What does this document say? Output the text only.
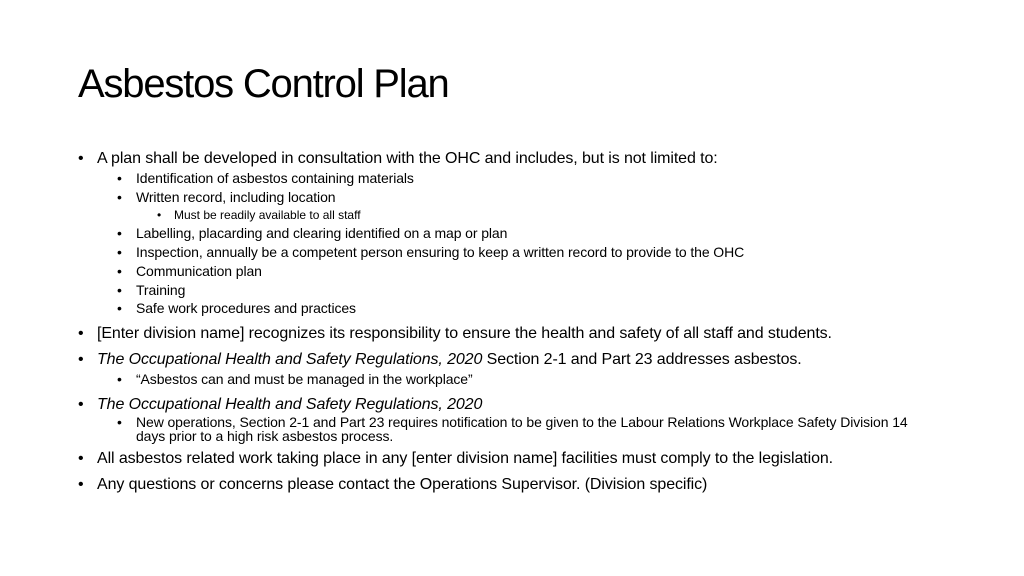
Asbestos Control Plan
• A plan shall be developed in consultation with the OHC and includes, but is not limited to:
• Identification of asbestos containing materials
• Written record, including location
• Must be readily available to all staff
• Labelling, placarding and clearing identified on a map or plan
• Inspection, annually be a competent person ensuring to keep a written record to provide to the OHC
• Communication plan
• Training
• Safe work procedures and practices
• [Enter division name] recognizes its responsibility to ensure the health and safety of all staff and students.
• The Occupational Health and Safety Regulations, 2020 Section 2-1 and Part 23 addresses asbestos.
• “Asbestos can and must be managed in the workplace”
• The Occupational Health and Safety Regulations, 2020
• New operations, Section 2-1 and Part 23 requires notification to be given to the Labour Relations Workplace Safety Division 14 days prior to a high risk asbestos process.
• All asbestos related work taking place in any [enter division name] facilities must comply to the legislation.
• Any questions or concerns please contact the Operations Supervisor. (Division specific)
